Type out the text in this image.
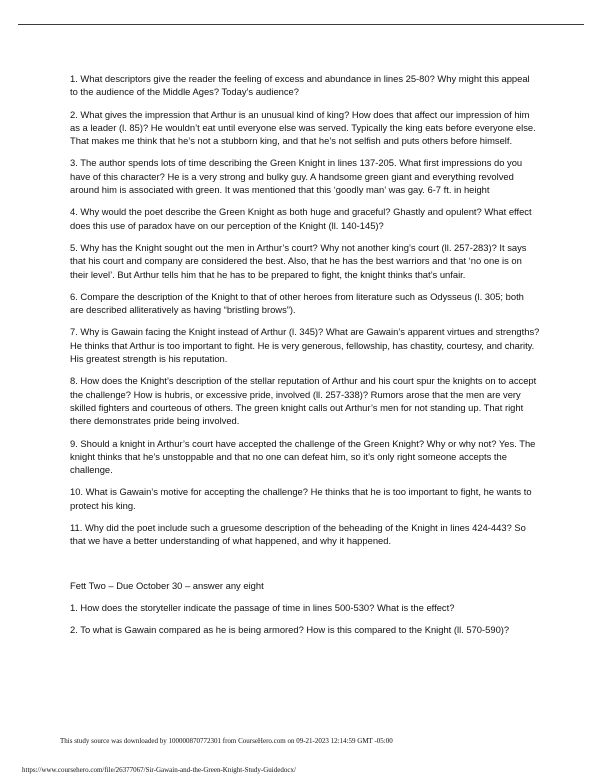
1. What descriptors give the reader the feeling of excess and abundance in lines 25-80? Why might this appeal to the audience of the Middle Ages? Today’s audience?

2. What gives the impression that Arthur is an unusual kind of king? How does that affect our impression of him as a leader (l. 85)? He wouldn’t eat until everyone else was served. Typically the king eats before everyone else. That makes me think that he’s not a stubborn king, and that he’s not selfish and puts others before himself.

3. The author spends lots of time describing the Green Knight in lines 137-205. What first impressions do you have of this character? He is a very strong and bulky guy. A handsome green giant and everything revolved around him is associated with green. It was mentioned that this ‘goodly man’ was gay. 6-7 ft. in height

4. Why would the poet describe the Green Knight as both huge and graceful? Ghastly and opulent? What effect does this use of paradox have on our perception of the Knight (ll. 140-145)?

5. Why has the Knight sought out the men in Arthur’s court? Why not another king’s court (ll. 257-283)? It says that his court and company are considered the best. Also, that he has the best warriors and that ‘no one is on their level’. But Arthur tells him that he has to be prepared to fight, the knight thinks that’s unfair.

6. Compare the description of the Knight to that of other heroes from literature such as Odysseus (l. 305; both are described alliteratively as having “bristling brows”).

7. Why is Gawain facing the Knight instead of Arthur (l. 345)? What are Gawain’s apparent virtues and strengths? He thinks that Arthur is too important to fight. He is very generous, fellowship, has chastity, courtesy, and charity. His greatest strength is his reputation.

8. How does the Knight’s description of the stellar reputation of Arthur and his court spur the knights on to accept the challenge? How is hubris, or excessive pride, involved (ll. 257-338)? Rumors arose that the men are very skilled fighters and courteous of others. The green knight calls out Arthur’s men for not standing up. That right there demonstrates pride being involved.

9. Should a knight in Arthur’s court have accepted the challenge of the Green Knight? Why or why not? Yes. The knight thinks that he’s unstoppable and that no one can defeat him, so it’s only right someone accepts the challenge.

10. What is Gawain’s motive for accepting the challenge? He thinks that he is too important to fight, he wants to protect his king.

11. Why did the poet include such a gruesome description of the beheading of the Knight in lines 424-443? So that we have a better understanding of what happened, and why it happened.

Fett Two – Due October 30 – answer any eight

1. How does the storyteller indicate the passage of time in lines 500-530? What is the effect?

2. To what is Gawain compared as he is being armored? How is this compared to the Knight (ll. 570-590)?

This study source was downloaded by 100000870772301 from CourseHero.com on 09-21-2023 12:14:59 GMT -05:00
https://www.coursehero.com/file/26377067/Sir-Gawain-and-the-Green-Knight-Study-Guidedocx/
